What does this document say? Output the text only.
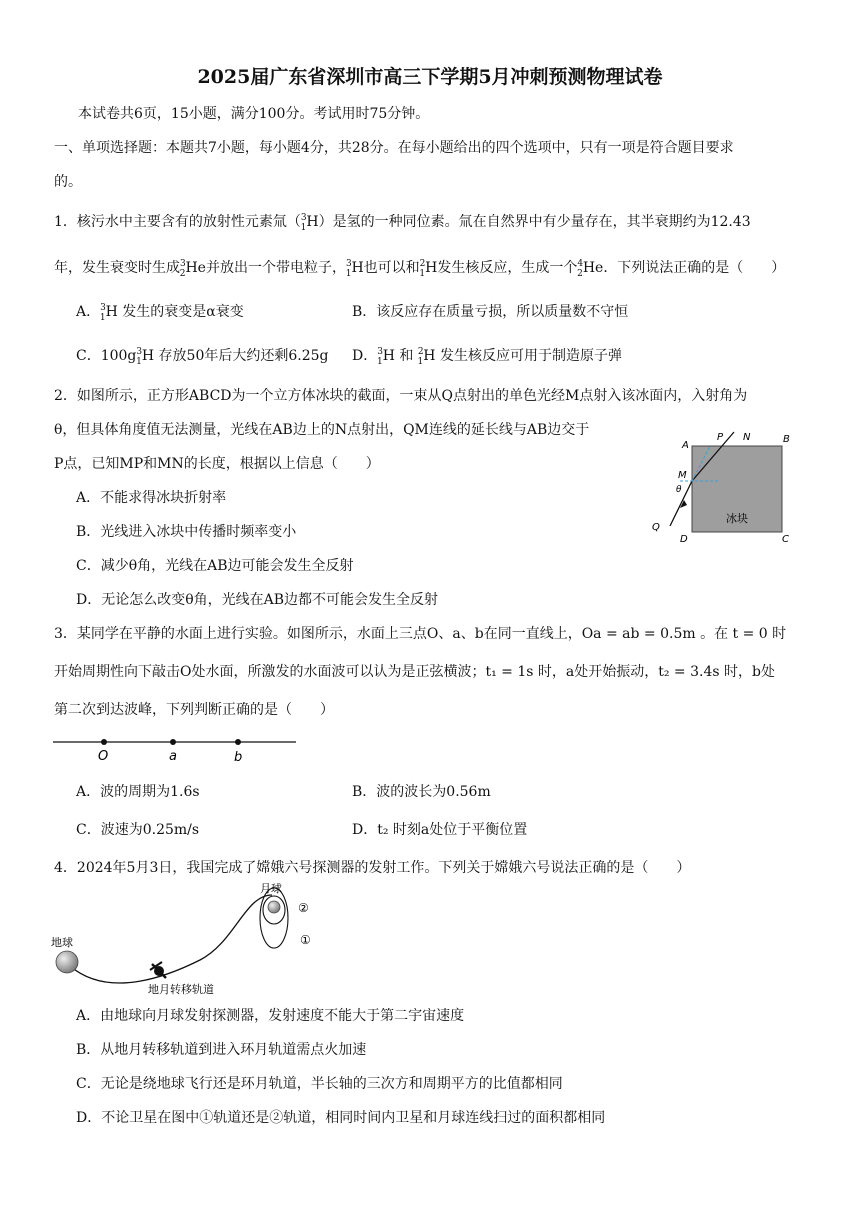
2025届广东省深圳市高三下学期5月冲刺预测物理试卷
本试卷共6页，15小题，满分100分。考试用时75分钟。
一、单项选择题：本题共7小题，每小题4分，共28分。在每小题给出的四个选项中，只有一项是符合题目要求
的。
1．核污水中主要含有的放射性元素氚（$^3_1$H）是氢的一种同位素。氚在自然界中有少量存在，其半衰期约为12.43
年，发生衰变时生成$^3_2$He并放出一个带电粒子，$^3_1$H也可以和$^2_1$H发生核反应，生成一个$^4_2$He．下列说法正确的是（　　）
A．$^3_1$H 发生的衰变是α衰变	B．该反应存在质量亏损，所以质量数不守恒
C．$100g^3_1H$ 存放50年后大约还剩6.25g D．$^3_1$H 和 $^2_1$H 发生核反应可用于制造原子弹
2．如图所示，正方形ABCD为一个立方体冰块的截面，一束从Q点射出的单色光经M点射入该冰面内，入射角为
θ，但具体角度值无法测量，光线在AB边上的N点射出，QM连线的延长线与AB边交于
P点，已知MP和MN的长度，根据以上信息（　　）
A．不能求得冰块折射率
B．光线进入冰块中传播时频率变小
C．减少θ角，光线在AB边可能会发生全反射
D．无论怎么改变θ角，光线在AB边都不可能会发生全反射
A
P N	B
M
θ
Q
D	C
冰块
3．某同学在平静的水面上进行实验。如图所示，水面上三点O、a、b在同一直线上，Oa = ab = 0.5m 。在 t = 0 时
开始周期性向下敲击O处水面，所激发的水面波可以认为是正弦横波；t₁ = 1s 时，a处开始振动，t₂ = 3.4s 时，b处
第二次到达波峰，下列判断正确的是（　　）
O	a	b
A．波的周期为1.6s	B．波的波长为0.56m
C．波速为0.25m/s	D．t₂ 时刻a处位于平衡位置
4．2024年5月3日，我国完成了嫦娥六号探测器的发射工作。下列关于嫦娥六号说法正确的是（　　）
地球
月球
地月转移轨道
②
①
A．由地球向月球发射探测器，发射速度不能大于第二宇宙速度
B．从地月转移轨道到进入环月轨道需点火加速
C．无论是绕地球飞行还是环月轨道，半长轴的三次方和周期平方的比值都相同
D．不论卫星在图中①轨道还是②轨道，相同时间内卫星和月球连线扫过的面积都相同
